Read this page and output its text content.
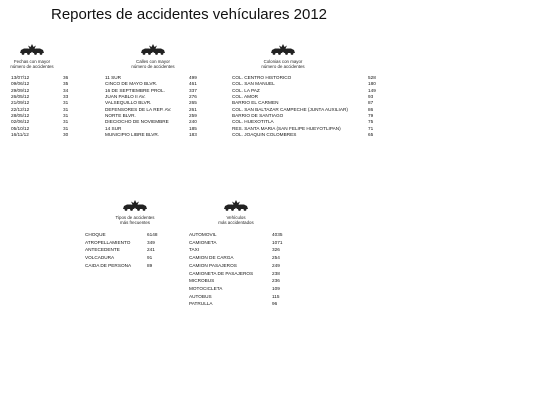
Reportes de accidentes vehículares 2012
Fechas con mayor
número de accidentes
13/07/12	36
09/06/12	35
29/09/12	34
26/05/12	33
21/09/12	31
22/12/12	31
28/05/12	31
02/06/12	31
05/10/12	31
16/11/12	30
Calles con mayor
número de accidentes
11 SUR	499
CINCO DE MAYO BLVR.	461
16 DE SEPTIEMBRE PROL.	337
JUAN PABLO II AV.	276
VALSEQUILLO BLVR.	265
DEFENSORES DE LA REP. AV.	261
NORTE BLVR.	259
DIECIOCHO DE NOVIEMBRE	240
14 SUR	185
MUNICIPIO LIBRE BLVR.	183
Colonias con mayor
número de accidentes
COL. CENTRO HISTORICO	528
COL. SAN MANUEL	180
COL. LA PAZ	149
COL. AMOR	93
BARRIO EL CARMEN	87
COL. SAN BALTAZAR CAMPECHE (JUNTA AUXILIAR)	86
BARRIO DE SANTIAGO	79
COL. HUEXOTITLA	75
RES. SANTA MARIA (SAN FELIPE HUEYOTLIPAN)	71
COL. JOAQUIN COLOMBRES	65
Tipos de accidentes
más frecuentes
CHOQUE	6148
ATROPELLAMIENTO	349
ANTECEDENTE	241
VOLCADURA	91
CAIDA DE PERSONA	89
Vehículos
más accidentados
AUTOMOVIL	4035
CAMIONETA	1071
TAXI	326
CAMION DE CARGA	254
CAMION PASAJEROS	249
CAMIONETA DE PASAJEROS	238
MICROBUS	236
MOTOCICLETA	109
AUTOBUS	115
PATRULLA	96
